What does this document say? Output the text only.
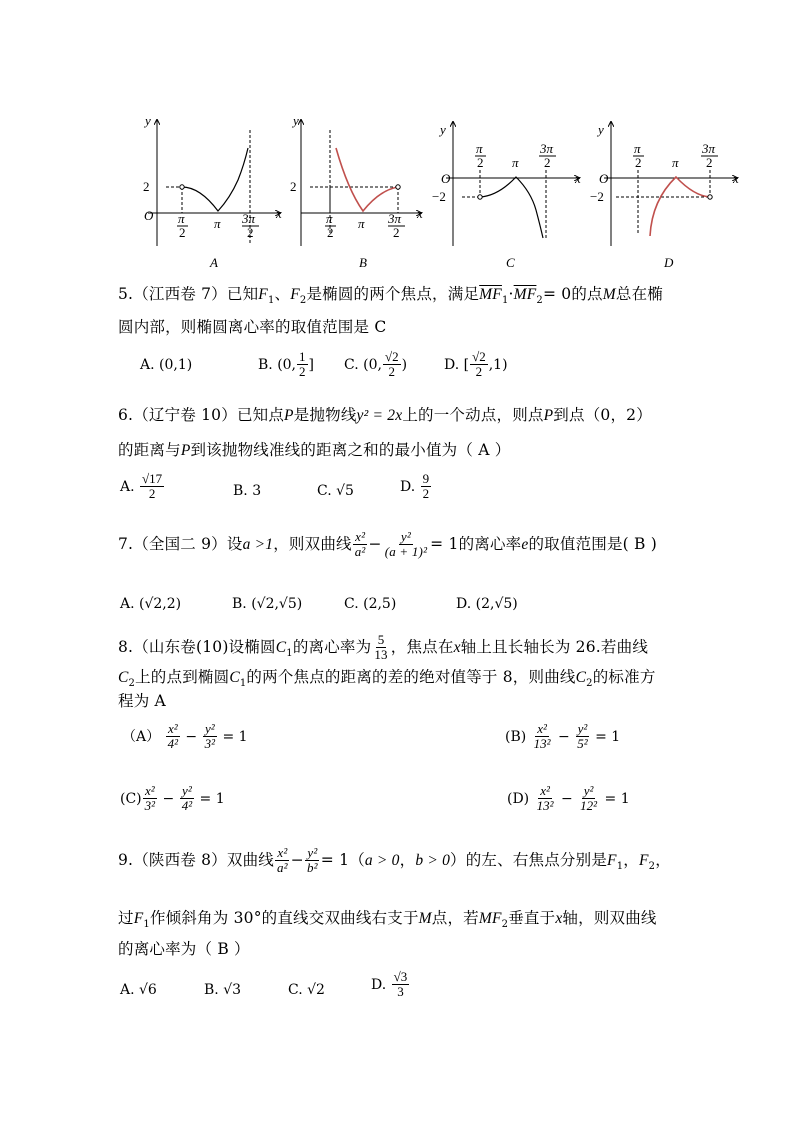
y
x
O
2
π
2
π 3π
2
A
y
x
2
π
2
π 3π
2
B
y
x
O
−2
π
2 π
3π
2
C
y
x
O
−2
π
2 π
3π
2
D
5.（江西卷 7）已知$F_1$、$F_2$是椭圆的两个焦点，满足$\overline{MF}_1\cdot\overline{MF}_2= 0$的点M总在椭
圆内部，则椭圆离心率的取值范围是 C
A. (0,1)	B. (0, $\frac{1}{2}$ ] C. (0, $\frac{√2}{2}$ )	D. [ $\frac{√2}{2} ,1$)
6.（辽宁卷 10）已知点P是抛物线y² = 2x上的一个动点，则点P到点（0，2）
的距离与P到该抛物线准线的距离之和的最小值为（ A ）
A. $\frac{√17}{2}$	B. 3	C. √5	D. $\frac{9}{2}$
7.（全国二 9）设a >1，则双曲线 $\frac{\text{x²}}{\text{a²}} - \frac{\text{y²}}{\text{(a + 1)²}} = 1$的离心率e的取值范围是( B )
A. (√2,2)	B. (√2,√5)	C. (2,5)	D. (2,√5)
8.（山东卷(10)设椭圆$C_1$的离心率为 $\frac{5}{13}$ ，焦点在x轴上且长轴长为 26.若曲线
$C_2$上的点到椭圆$C_1$的两个焦点的距离的差的绝对值等于 8，则曲线$C_2$的标准方
程为 A
$(A) \frac{\text{x²}}{\text{4²}} - \frac{\text{y²}}{\text{3²}} = 1$	$(B) \frac{\text{x²}}{\text{13²}} - \frac{\text{y²}}{\text{5²}} = 1$
$(C) \frac{\text{x²}}{\text{3²}} - \frac{\text{y²}}{\text{4²}} = 1$	$(D) \frac{\text{x²}}{\text{13²}} - \frac{\text{y²}}{\text{12²}} = 1$
9.（陕西卷 8）双曲线 $\frac{\text{x²}}{\text{a²}} - \frac{\text{y²}}{\text{b²}} = 1(a > 0$，b > 0）的左、右焦点分别是$F_1$，$F_2$，
过$F_1$作倾斜角为 30°的直线交双曲线右支于M点，若$MF_2$垂直于x轴，则双曲线
的离心率为（ B ）
A. √6	B. √3	C. √2	D. $\frac{√3}{3}$
